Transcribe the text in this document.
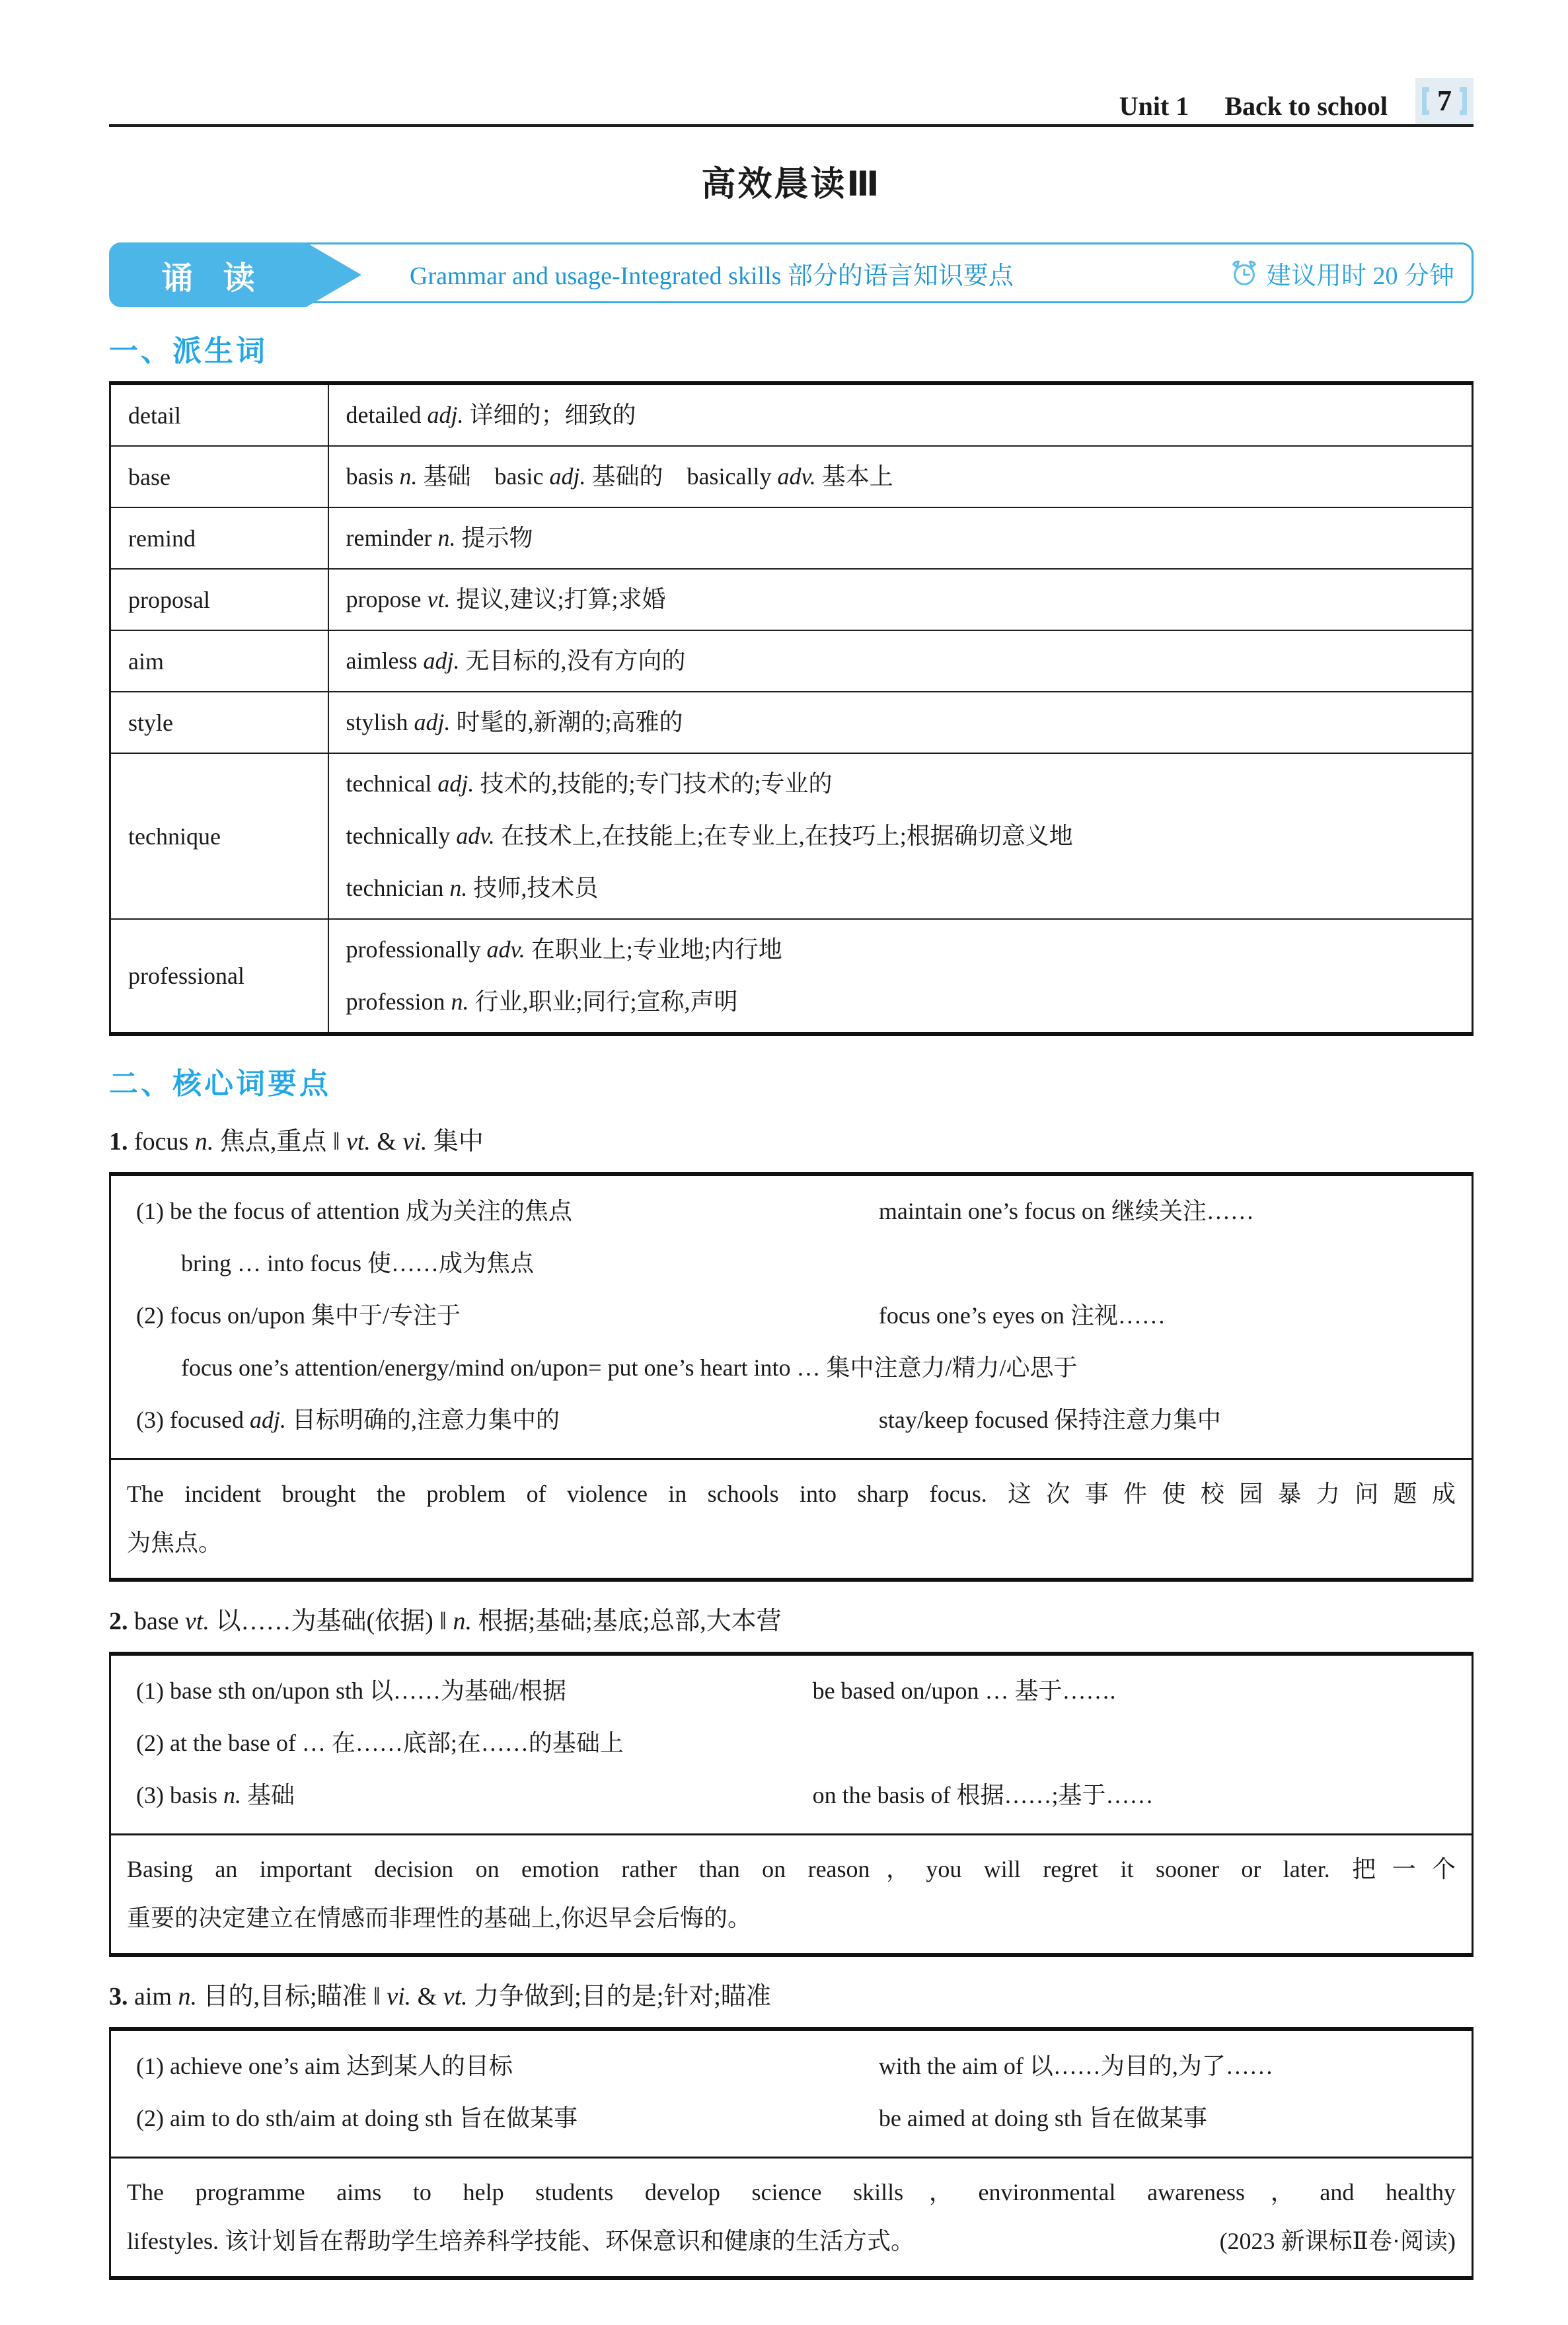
Unit 1 Back to school 7
高效晨读Ⅲ
诵 读	Grammar and usage-Integrated skills 部分的语言知识要点	建议用时 20 分钟
一、派生词
detail	detailed adj. 详细的；细致的

base	basis n. 基础　basic adj. 基础的　basically adv. 基本上

remind	reminder n. 提示物

proposal	propose vt. 提议,建议;打算;求婚

aim	aimless adj. 无目标的,没有方向的

style	stylish adj. 时髦的,新潮的;高雅的

technique	technical adj. 技术的,技能的;专门技术的;专业的
technically adv. 在技术上,在技能上;在专业上,在技巧上;根据确切意义地
technician n. 技师,技术员

professional	professionally adv. 在职业上;专业地;内行地
profession n. 行业,职业;同行;宣称,声明
二、核心词要点
1. focus n. 焦点,重点 ‖ vt. & vi. 集中
(1) be the focus of attention 成为关注的焦点	maintain one’s focus on 继续关注……
bring … into focus 使……成为焦点
(2) focus on/upon 集中于/专注于	focus one’s eyes on 注视……
focus one’s attention/energy/mind on/upon= put one’s heart into … 集中注意力/精力/心思于
(3) focused adj. 目标明确的,注意力集中的	stay/keep focused 保持注意力集中
The incident brought the problem of violence in schools into sharp focus. 这次事件使校园暴力问题成
为焦点。
2. base vt. 以……为基础(依据) ‖ n. 根据;基础;基底;总部,大本营
(1) base sth on/upon sth 以……为基础/根据	be based on/upon … 基于…….
(2) at the base of … 在……底部;在……的基础上
(3) basis n. 基础	on the basis of 根据……;基于……
Basing an important decision on emotion rather than on reason，you will regret it sooner or later. 把一个
重要的决定建立在情感而非理性的基础上,你迟早会后悔的。
3. aim n. 目的,目标;瞄准 ‖ vi. & vt. 力争做到;目的是;针对;瞄准
(1) achieve one’s aim 达到某人的目标	with the aim of 以……为目的,为了……
(2) aim to do sth/aim at doing sth 旨在做某事	be aimed at doing sth 旨在做某事
The programme aims to help students develop science skills，environmental awareness，and healthy
lifestyles. 该计划旨在帮助学生培养科学技能、环保意识和健康的生活方式。	(2023 新课标Ⅱ卷·阅读)
